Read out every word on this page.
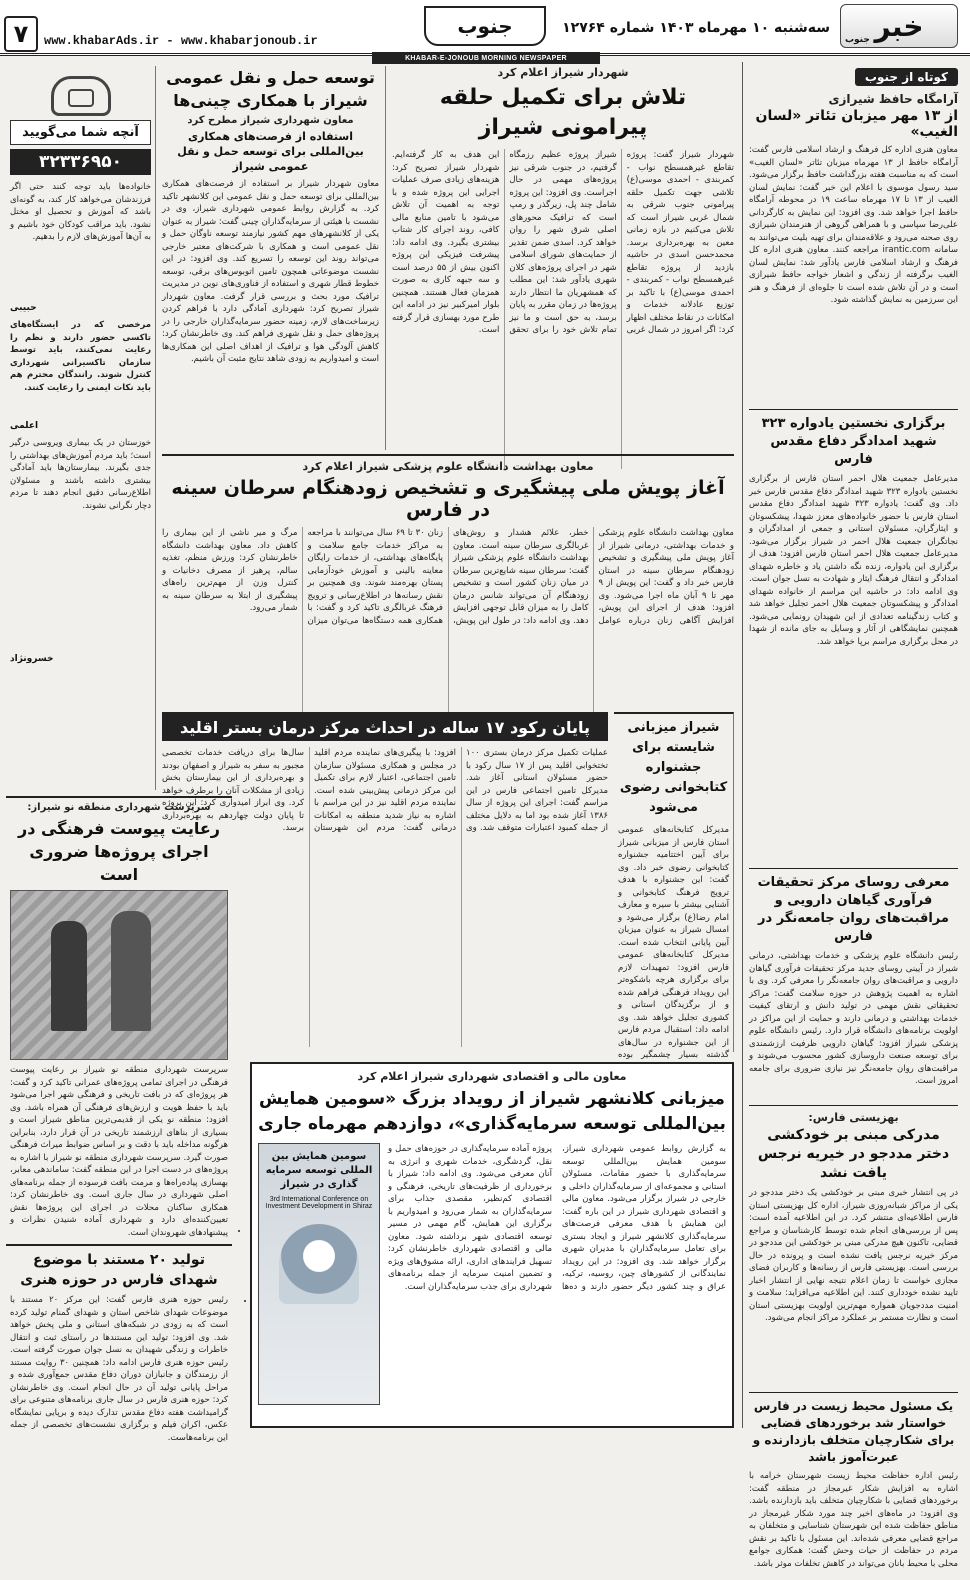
خبر
جنوب
سه‌شنبه ۱۰ مهرماه ۱۴۰۳ شماره ۱۲۷۶۴
جنوب
www.khabarAds.ir - www.khabarjonoub.ir
۷
KHABAR-E-JONOUB MORNING NEWSPAPER
کوتاه از جنوب
آرامگاه حافظ شیرازی
از ۱۳ مهر میزبان تئاتر «لسان الغیب»

معاون هنری اداره کل فرهنگ و ارشاد اسلامی فارس گفت: آرامگاه حافظ از ۱۳ مهرماه میزبان تئاتر «لسان الغیب» است که به مناسبت هفته بزرگداشت حافظ برگزار می‌شود. سید رسول موسوی با اعلام این خبر گفت: نمایش لسان الغیب از ۱۳ تا ۱۷ مهرماه ساعت ۱۹ در محوطه آرامگاه حافظ اجرا خواهد شد. وی افزود: این نمایش به کارگردانی علی‌رضا سپاسی و با همراهی گروهی از هنرمندان شیرازی روی صحنه می‌رود و علاقه‌مندان برای تهیه بلیت می‌توانند به سامانه irantic.com مراجعه کنند. معاون هنری اداره کل فرهنگ و ارشاد اسلامی فارس یادآور شد: نمایش لسان الغیب برگرفته از زندگی و اشعار خواجه حافظ شیرازی است و در آن تلاش شده است تا جلوه‌ای از فرهنگ و هنر این سرزمین به نمایش گذاشته شود.

برگزاری نخستین یادواره ۳۲۳ شهید امدادگر دفاع مقدس فارس

مدیرعامل جمعیت هلال احمر استان فارس از برگزاری نخستین یادواره ۳۲۳ شهید امدادگر دفاع مقدس فارس خبر داد. وی گفت: یادواره ۳۲۳ شهید امدادگر دفاع مقدس استان فارس با حضور خانواده‌های معزز شهدا، پیشکسوتان و ایثارگران، مسئولان استانی و جمعی از امدادگران و نجاتگران جمعیت هلال احمر در شیراز برگزار می‌شود. مدیرعامل جمعیت هلال احمر استان فارس افزود: هدف از برگزاری این یادواره، زنده نگه داشتن یاد و خاطره شهدای امدادگر و انتقال فرهنگ ایثار و شهادت به نسل جوان است. وی ادامه داد: در حاشیه این مراسم از خانواده شهدای امدادگر و پیشکسوتان جمعیت هلال احمر تجلیل خواهد شد و کتاب زندگینامه تعدادی از این شهیدان رونمایی می‌شود. همچنین نمایشگاهی از آثار و وسایل به جای مانده از شهدا در محل برگزاری مراسم برپا خواهد شد.

معرفی روسای مرکز تحقیقات فرآوری گیاهان دارویی و مراقبت‌های روان جامعه‌نگر در فارس

رئیس دانشگاه علوم پزشکی و خدمات بهداشتی، درمانی شیراز در آیینی روسای جدید مرکز تحقیقات فرآوری گیاهان دارویی و مراقبت‌های روان جامعه‌نگر را معرفی کرد. وی با اشاره به اهمیت پژوهش در حوزه سلامت گفت: مراکز تحقیقاتی نقش مهمی در تولید دانش و ارتقای کیفیت خدمات بهداشتی و درمانی دارند و حمایت از این مراکز در اولویت برنامه‌های دانشگاه قرار دارد. رئیس دانشگاه علوم پزشکی شیراز افزود: گیاهان دارویی ظرفیت ارزشمندی برای توسعه صنعت داروسازی کشور محسوب می‌شوند و مراقبت‌های روان جامعه‌نگر نیز نیازی ضروری برای جامعه امروز است.

بهزیستی فارس:
مدرکی مبنی بر خودکشی دختر مددجو در خیریه نرجس یافت نشد

در پی انتشار خبری مبنی بر خودکشی یک دختر مددجو در یکی از مراکز شبانه‌روزی شیراز، اداره کل بهزیستی استان فارس اطلاعیه‌ای منتشر کرد. در این اطلاعیه آمده است: پس از بررسی‌های انجام شده توسط کارشناسان و مراجع قضایی، تاکنون هیچ مدرکی مبنی بر خودکشی این مددجو در مرکز خیریه نرجس یافت نشده است و پرونده در حال بررسی است. بهزیستی فارس از رسانه‌ها و کاربران فضای مجازی خواست تا زمان اعلام نتیجه نهایی از انتشار اخبار تایید نشده خودداری کنند. این اطلاعیه می‌افزاید: سلامت و امنیت مددجویان همواره مهم‌ترین اولویت بهزیستی استان است و نظارت مستمر بر عملکرد مراکز انجام می‌شود.

یک مسئول محیط زیست در فارس خواستار شد برخوردهای قضایی برای شکارچیان متخلف بازدارنده و عبرت‌آموز باشد

رئیس اداره حفاظت محیط زیست شهرستان خرامه با اشاره به افزایش شکار غیرمجاز در منطقه گفت: برخوردهای قضایی با شکارچیان متخلف باید بازدارنده باشد. وی افزود: در ماه‌های اخیر چند مورد شکار غیرمجاز در مناطق حفاظت شده این شهرستان شناسایی و متخلفان به مراجع قضایی معرفی شده‌اند. این مسئول با تاکید بر نقش مردم در حفاظت از حیات وحش گفت: همکاری جوامع محلی با محیط بانان می‌تواند در کاهش تخلفات موثر باشد.

شهردار شیراز اعلام کرد
تلاش برای تکمیل حلقه پیرامونی شیراز
شهردار شیراز گفت: پروژه تقاطع غیرهمسطح نواب - کمربندی - احمدی موسی(ع) تلاشی جهت تکمیل حلقه پیرامونی جنوب شرقی به شمال غربی شیراز است که تلاش می‌کنیم در بازه زمانی معین به بهره‌برداری برسد. محمدحسن اسدی در حاشیه بازدید از پروژه تقاطع غیرهمسطح نواب - کمربندی - احمدی موسی(ع) با تاکید بر توزیع عادلانه خدمات و امکانات در نقاط مختلف اظهار کرد: اگر امروز در شمال غربی شیراز پروژه عظیم رزمگاه گرفتیم، در جنوب شرقی نیز پروژه‌های مهمی در حال اجراست. وی افزود: این پروژه شامل چند پل، زیرگذر و رمپ است که ترافیک محورهای اصلی شرق شهر را روان خواهد کرد. اسدی ضمن تقدیر از حمایت‌های شورای اسلامی شهر در اجرای پروژه‌های کلان شهری یادآور شد: این مطلب که همشهریان ما انتظار دارند پروژه‌ها در زمان مقرر به پایان برسد، به حق است و ما نیز تمام تلاش خود را برای تحقق این هدف به کار گرفته‌ایم. شهردار شیراز تصریح کرد: هزینه‌های زیادی صرف عملیات اجرایی این پروژه شده و با توجه به اهمیت آن تلاش می‌شود با تامین منابع مالی کافی، روند اجرای کار شتاب بیشتری بگیرد. وی ادامه داد: پیشرفت فیزیکی این پروژه اکنون بیش از ۵۵ درصد است و سه جبهه کاری به صورت همزمان فعال هستند. همچنین بلوار امیرکبیر نیز در ادامه این طرح مورد بهسازی قرار گرفته است.
توسعه حمل و نقل عمومی شیراز با همکاری چینی‌ها
معاون شهرداری شیراز مطرح کرد
استفاده از فرصت‌های همکاری بین‌المللی برای توسعه حمل و نقل عمومی شیراز

معاون شهردار شیراز بر استفاده از فرصت‌های همکاری بین‌المللی برای توسعه حمل و نقل عمومی این کلانشهر تاکید کرد. به گزارش روابط عمومی شهرداری شیراز، وی در نشست با هیئتی از سرمایه‌گذاران چینی گفت: شیراز به عنوان یکی از کلانشهرهای مهم کشور نیازمند توسعه ناوگان حمل و نقل عمومی است و همکاری با شرکت‌های معتبر خارجی می‌تواند روند این توسعه را تسریع کند. وی افزود: در این نشست موضوعاتی همچون تامین اتوبوس‌های برقی، توسعه خطوط قطار شهری و استفاده از فناوری‌های نوین در مدیریت ترافیک مورد بحث و بررسی قرار گرفت. معاون شهردار شیراز تصریح کرد: شهرداری آمادگی دارد با فراهم کردن زیرساخت‌های لازم، زمینه حضور سرمایه‌گذاران خارجی را در پروژه‌های حمل و نقل شهری فراهم کند. وی خاطرنشان کرد: کاهش آلودگی هوا و ترافیک از اهداف اصلی این همکاری‌ها است و امیدواریم به زودی شاهد نتایج مثبت آن باشیم.

آنچه شما می‌گویید
۳۲۳۳۶۹۵۰

خانواده‌ها باید توجه کنند حتی اگر فرزندشان می‌خواهد کار کند، به گونه‌ای باشد که آموزش و تحصیل او مختل نشود. باید مراقب کودکان خود باشیم و به آن‌ها آموزش‌های لازم را بدهیم.

حبیبی

مرخصی که در ایستگاه‌های تاکسی حضور دارند و نظم را رعایت نمی‌کنند، باید توسط سازمان تاکسیرانی شهرداری کنترل شوند. رانندگان محترم هم باید نکات ایمنی را رعایت کنند.

اعلمی

خوزستان در یک بیماری ویروسی درگیر است؛ باید مردم آموزش‌های بهداشتی را جدی بگیرند. بیمارستان‌ها باید آمادگی بیشتری داشته باشند و مسئولان اطلاع‌رسانی دقیق انجام دهند تا مردم دچار نگرانی نشوند.

خسرونژاد
معاون بهداشت دانشگاه علوم پزشکی شیراز اعلام کرد
آغاز پویش ملی پیشگیری و تشخیص زودهنگام سرطان سینه در فارس
معاون بهداشت دانشگاه علوم پزشکی و خدمات بهداشتی، درمانی شیراز از آغاز پویش ملی پیشگیری و تشخیص زودهنگام سرطان سینه در استان فارس خبر داد و گفت: این پویش از ۹ مهر تا ۹ آبان ماه اجرا می‌شود. وی افزود: هدف از اجرای این پویش، افزایش آگاهی زنان درباره عوامل خطر، علائم هشدار و روش‌های غربالگری سرطان سینه است. معاون بهداشت دانشگاه علوم پزشکی شیراز گفت: سرطان سینه شایع‌ترین سرطان در میان زنان کشور است و تشخیص زودهنگام آن می‌تواند شانس درمان کامل را به میزان قابل توجهی افزایش دهد. وی ادامه داد: در طول این پویش، زنان ۳۰ تا ۶۹ سال می‌توانند با مراجعه به مراکز خدمات جامع سلامت و پایگاه‌های بهداشتی، از خدمات رایگان معاینه بالینی و آموزش خودآزمایی پستان بهره‌مند شوند. وی همچنین بر نقش رسانه‌ها در اطلاع‌رسانی و ترویج فرهنگ غربالگری تاکید کرد و گفت: با همکاری همه دستگاه‌ها می‌توان میزان مرگ و میر ناشی از این بیماری را کاهش داد. معاون بهداشت دانشگاه خاطرنشان کرد: ورزش منظم، تغذیه سالم، پرهیز از مصرف دخانیات و کنترل وزن از مهم‌ترین راه‌های پیشگیری از ابتلا به سرطان سینه به شمار می‌رود.
پایان رکود ۱۷ ساله در احداث مرکز درمان بستر اقلید
عملیات تکمیل مرکز درمان بستری ۱۰۰ تختخوابی اقلید پس از ۱۷ سال رکود با حضور مسئولان استانی آغاز شد. مدیرکل تامین اجتماعی فارس در این مراسم گفت: اجرای این پروژه از سال ۱۳۸۶ آغاز شده بود اما به دلایل مختلف از جمله کمبود اعتبارات متوقف شد. وی افزود: با پیگیری‌های نماینده مردم اقلید در مجلس و همکاری مسئولان سازمان تامین اجتماعی، اعتبار لازم برای تکمیل این مرکز درمانی پیش‌بینی شده است. نماینده مردم اقلید نیز در این مراسم با اشاره به نیاز شدید منطقه به امکانات درمانی گفت: مردم این شهرستان سال‌ها برای دریافت خدمات تخصصی مجبور به سفر به شیراز و اصفهان بودند و بهره‌برداری از این بیمارستان بخش زیادی از مشکلات آنان را برطرف خواهد کرد. وی ابراز امیدواری کرد: این پروژه تا پایان دولت چهاردهم به بهره‌برداری برسد.
شیراز میزبانی شایسته برای جشنواره کتابخوانی رضوی می‌شود

مدیرکل کتابخانه‌های عمومی استان فارس از میزبانی شیراز برای آیین اختتامیه جشنواره کتابخوانی رضوی خبر داد. وی گفت: این جشنواره با هدف ترویج فرهنگ کتابخوانی و آشنایی بیشتر با سیره و معارف امام رضا(ع) برگزار می‌شود و امسال شیراز به عنوان میزبان آیین پایانی انتخاب شده است. مدیرکل کتابخانه‌های عمومی فارس افزود: تمهیدات لازم برای برگزاری هرچه باشکوه‌تر این رویداد فرهنگی فراهم شده و از برگزیدگان استانی و کشوری تجلیل خواهد شد. وی ادامه داد: استقبال مردم فارس از این جشنواره در سال‌های گذشته بسیار چشمگیر بوده

سرپرست شهرداری منطقه نو شیراز:
رعایت پیوست فرهنگی در اجرای پروژه‌ها ضروری است

سرپرست شهرداری منطقه نو شیراز بر رعایت پیوست فرهنگی در اجرای تمامی پروژه‌های عمرانی تاکید کرد و گفت: هر پروژه‌ای که در بافت تاریخی و فرهنگی شهر اجرا می‌شود باید با حفظ هویت و ارزش‌های فرهنگی آن همراه باشد. وی افزود: منطقه نو یکی از قدیمی‌ترین مناطق شیراز است و بسیاری از بناهای ارزشمند تاریخی در آن قرار دارد، بنابراین هرگونه مداخله باید با دقت و بر اساس ضوابط میراث فرهنگی صورت گیرد. سرپرست شهرداری منطقه نو شیراز با اشاره به پروژه‌های در دست اجرا در این منطقه گفت: ساماندهی معابر، بهسازی پیاده‌راه‌ها و مرمت بافت فرسوده از جمله برنامه‌های اصلی شهرداری در سال جاری است. وی خاطرنشان کرد: همکاری ساکنان محلات در اجرای این پروژه‌ها نقش تعیین‌کننده‌ای دارد و شهرداری آماده شنیدن نظرات و پیشنهادهای شهروندان است.

معاون مالی و اقتصادی شهرداری شیراز اعلام کرد
میزبانی کلانشهر شیراز از رویداد بزرگ «سومین همایش بین‌المللی توسعه سرمایه‌گذاری»، دوازدهم مهرماه جاری

به گزارش روابط عمومی شهرداری شیراز، سومین همایش بین‌المللی توسعه سرمایه‌گذاری با حضور مقامات، مسئولان استانی و مجموعه‌ای از سرمایه‌گذاران داخلی و خارجی در شیراز برگزار می‌شود. معاون مالی و اقتصادی شهرداری شیراز در این باره گفت: این همایش با هدف معرفی فرصت‌های سرمایه‌گذاری کلانشهر شیراز و ایجاد بستری برای تعامل سرمایه‌گذاران با مدیران شهری برگزار خواهد شد. وی افزود: در این رویداد نمایندگانی از کشورهای چین، روسیه، ترکیه، عراق و چند کشور دیگر حضور دارند و ده‌ها پروژه آماده سرمایه‌گذاری در حوزه‌های حمل و نقل، گردشگری، خدمات شهری و انرژی به آنان معرفی می‌شود. وی ادامه داد: شیراز با برخورداری از ظرفیت‌های تاریخی، فرهنگی و اقتصادی کم‌نظیر، مقصدی جذاب برای سرمایه‌گذاران به شمار می‌رود و امیدواریم با برگزاری این همایش، گام مهمی در مسیر توسعه اقتصادی شهر برداشته شود. معاون مالی و اقتصادی شهرداری خاطرنشان کرد: تسهیل فرایندهای اداری، ارائه مشوق‌های ویژه و تضمین امنیت سرمایه از جمله برنامه‌های شهرداری برای جذب سرمایه‌گذاران است.

سومین همایش بین المللی توسعه سرمایه گذاری در شیراز
3rd International Conference on Investment Development in Shiraz
تولید ۲۰ مستند با موضوع شهدای فارس در حوزه هنری

رئیس حوزه هنری فارس گفت: این مرکز ۲۰ مستند با موضوعات شهدای شاخص استان و شهدای گمنام تولید کرده است که به زودی در شبکه‌های استانی و ملی پخش خواهد شد. وی افزود: تولید این مستندها در راستای ثبت و انتقال خاطرات و زندگی شهیدان به نسل جوان صورت گرفته است. رئیس حوزه هنری فارس ادامه داد: همچنین ۳۰ روایت مستند از رزمندگان و جانبازان دوران دفاع مقدس جمع‌آوری شده و مراحل پایانی تولید آن در حال انجام است. وی خاطرنشان کرد: حوزه هنری فارس در سال جاری برنامه‌های متنوعی برای گرامیداشت هفته دفاع مقدس تدارک دیده و برپایی نمایشگاه عکس، اکران فیلم و برگزاری نشست‌های تخصصی از جمله این برنامه‌هاست.
